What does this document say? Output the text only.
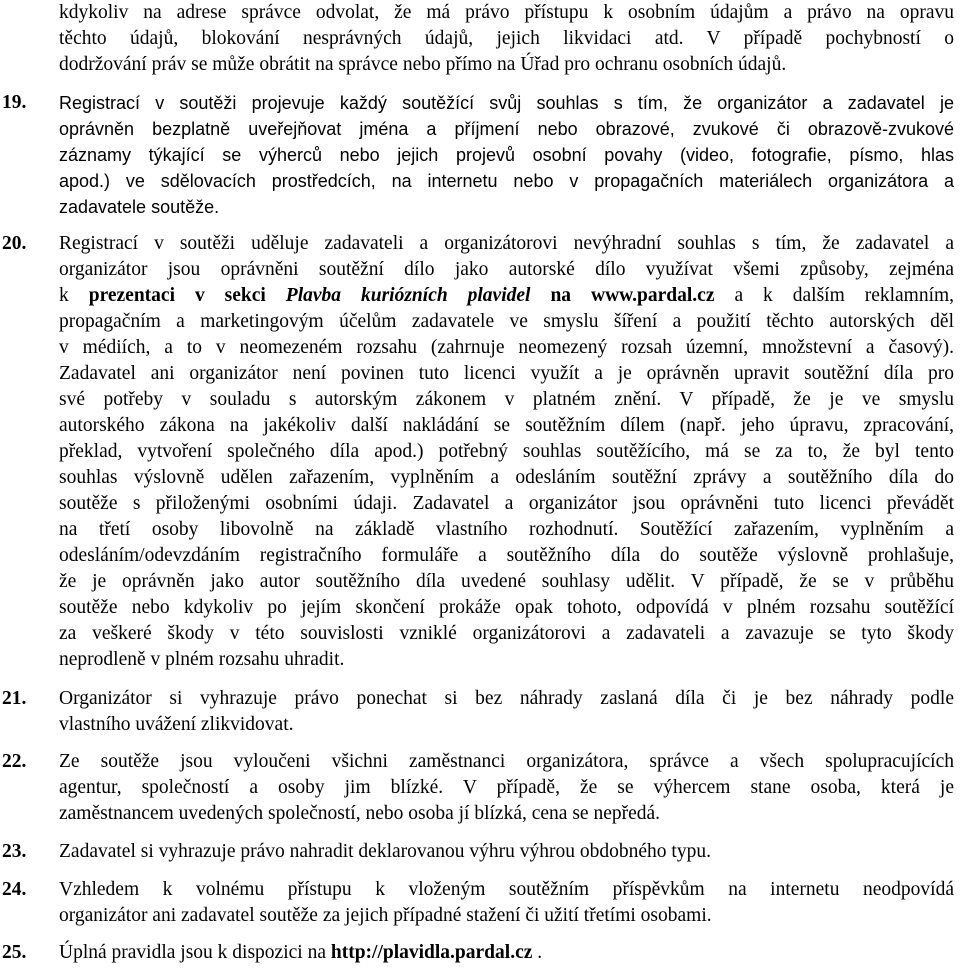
kdykoliv na adrese správce odvolat, že má právo přístupu k osobním údajům a právo na opravu
těchto údajů, blokování nesprávných údajů, jejich likvidaci atd. V případě pochybností o
dodržování práv se může obrátit na správce nebo přímo na Úřad pro ochranu osobních údajů.
19. Registrací v soutěži projevuje každý soutěžící svůj souhlas s tím, že organizátor a zadavatel je
oprávněn bezplatně uveřejňovat jména a příjmení nebo obrazové, zvukové či obrazově-zvukové
záznamy týkající se výherců nebo jejich projevů osobní povahy (video, fotografie, písmo, hlas
apod.) ve sdělovacích prostředcích, na internetu nebo v propagačních materiálech organizátora a
zadavatele soutěže.
20. Registrací v soutěži uděluje zadavateli a organizátorovi nevýhradní souhlas s tím, že zadavatel a
organizátor jsou oprávněni soutěžní dílo jako autorské dílo využívat všemi způsoby, zejména
k prezentaci v sekci Plavba kuriózních plavidel na www.pardal.cz a k dalším reklamním,
propagačním a marketingovým účelům zadavatele ve smyslu šíření a použití těchto autorských děl
v médiích, a to v neomezeném rozsahu (zahrnuje neomezený rozsah územní, množstevní a časový).
Zadavatel ani organizátor není povinen tuto licenci využít a je oprávněn upravit soutěžní díla pro
své potřeby v souladu s autorským zákonem v platném znění. V případě, že je ve smyslu
autorského zákona na jakékoliv další nakládání se soutěžním dílem (např. jeho úpravu, zpracování,
překlad, vytvoření společného díla apod.) potřebný souhlas soutěžícího, má se za to, že byl tento
souhlas výslovně udělen zařazením, vyplněním a odesláním soutěžní zprávy a soutěžního díla do
soutěže s přiloženými osobními údaji. Zadavatel a organizátor jsou oprávněni tuto licenci převádět
na třetí osoby libovolně na základě vlastního rozhodnutí. Soutěžící zařazením, vyplněním a
odesláním/odevzdáním registračního formuláře a soutěžního díla do soutěže výslovně prohlašuje,
že je oprávněn jako autor soutěžního díla uvedené souhlasy udělit. V případě, že se v průběhu
soutěže nebo kdykoliv po jejím skončení prokáže opak tohoto, odpovídá v plném rozsahu soutěžící
za veškeré škody v této souvislosti vzniklé organizátorovi a zadavateli a zavazuje se tyto škody
neprodleně v plném rozsahu uhradit.
21. Organizátor si vyhrazuje právo ponechat si bez náhrady zaslaná díla či je bez náhrady podle
vlastního uvážení zlikvidovat.
22. Ze soutěže jsou vyloučeni všichni zaměstnanci organizátora, správce a všech spolupracujících
agentur, společností a osoby jim blízké. V případě, že se výhercem stane osoba, která je
zaměstnancem uvedených společností, nebo osoba jí blízká, cena se nepředá.
23. Zadavatel si vyhrazuje právo nahradit deklarovanou výhru výhrou obdobného typu.
24. Vzhledem k volnému přístupu k vloženým soutěžním příspěvkům na internetu neodpovídá
organizátor ani zadavatel soutěže za jejich případné stažení či užití třetími osobami.
25. Úplná pravidla jsou k dispozici na http://plavidla.pardal.cz .
